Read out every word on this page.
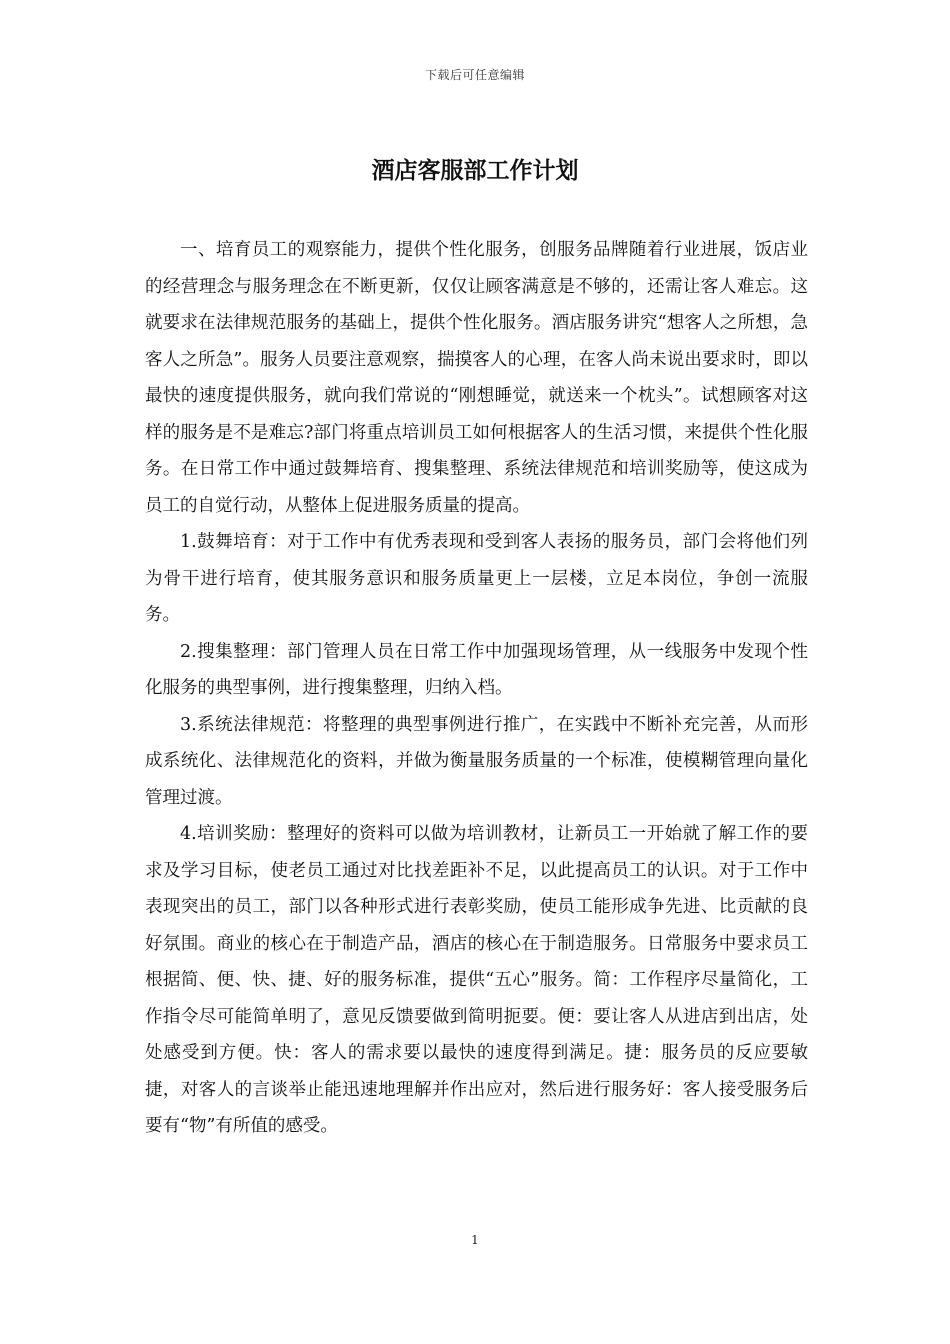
下载后可任意编辑
酒店客服部工作计划

一、培育员工的观察能力，提供个性化服务，创服务品牌随着行业进展，饭店业的经营理念与服务理念在不断更新，仅仅让顾客满意是不够的，还需让客人难忘。这就要求在法律规范服务的基础上，提供个性化服务。酒店服务讲究“想客人之所想，急客人之所急”。服务人员要注意观察，揣摸客人的心理，在客人尚未说出要求时，即以最快的速度提供服务，就向我们常说的“刚想睡觉，就送来一个枕头”。试想顾客对这样的服务是不是难忘?部门将重点培训员工如何根据客人的生活习惯，来提供个性化服务。在日常工作中通过鼓舞培育、搜集整理、系统法律规范和培训奖励等，使这成为员工的自觉行动，从整体上促进服务质量的提高。

1.鼓舞培育：对于工作中有优秀表现和受到客人表扬的服务员，部门会将他们列为骨干进行培育，使其服务意识和服务质量更上一层楼，立足本岗位，争创一流服务。

2.搜集整理：部门管理人员在日常工作中加强现场管理，从一线服务中发现个性化服务的典型事例，进行搜集整理，归纳入档。

3.系统法律规范：将整理的典型事例进行推广，在实践中不断补充完善，从而形成系统化、法律规范化的资料，并做为衡量服务质量的一个标准，使模糊管理向量化管理过渡。

4.培训奖励：整理好的资料可以做为培训教材，让新员工一开始就了解工作的要求及学习目标，使老员工通过对比找差距补不足，以此提高员工的认识。对于工作中表现突出的员工，部门以各种形式进行表彰奖励，使员工能形成争先进、比贡献的良好氛围。商业的核心在于制造产品，酒店的核心在于制造服务。日常服务中要求员工根据简、便、快、捷、好的服务标准，提供“五心”服务。简：工作程序尽量简化，工作指令尽可能简单明了，意见反馈要做到简明扼要。便：要让客人从进店到出店，处处感受到方便。快：客人的需求要以最快的速度得到满足。捷：服务员的反应要敏捷，对客人的言谈举止能迅速地理解并作出应对，然后进行服务好：客人接受服务后要有“物”有所值的感受。

1
